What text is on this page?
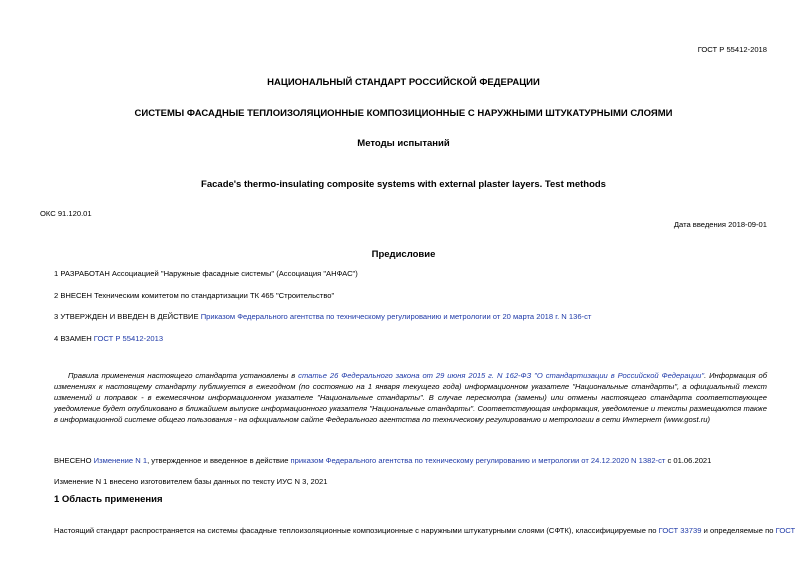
ГОСТ Р 55412-2018
НАЦИОНАЛЬНЫЙ СТАНДАРТ РОССИЙСКОЙ ФЕДЕРАЦИИ
СИСТЕМЫ ФАСАДНЫЕ ТЕПЛОИЗОЛЯЦИОННЫЕ КОМПОЗИЦИОННЫЕ С НАРУЖНЫМИ ШТУКАТУРНЫМИ СЛОЯМИ
Методы испытаний
Facade's thermo-insulating composite systems with external plaster layers. Test methods
ОКС 91.120.01
Дата введения 2018-09-01
Предисловие
1 РАЗРАБОТАН Ассоциацией "Наружные фасадные системы" (Ассоциация "АНФАС")
2 ВНЕСЕН Техническим комитетом по стандартизации ТК 465 "Строительство"
3 УТВЕРЖДЕН И ВВЕДЕН В ДЕЙСТВИЕ Приказом Федерального агентства по техническому регулированию и метрологии от 20 марта 2018 г. N 136-ст
4 ВЗАМЕН ГОСТ Р 55412-2013
Правила применения настоящего стандарта установлены в статье 26 Федерального закона от 29 июня 2015 г. N 162-ФЗ "О стандартизации в Российской Федерации". Информация об изменениях к настоящему стандарту публикуется в ежегодном (по состоянию на 1 января текущего года) информационном указателе "Национальные стандарты", а официальный текст изменений и поправок - в ежемесячном информационном указателе "Национальные стандарты". В случае пересмотра (замены) или отмены настоящего стандарта соответствующее уведомление будет опубликовано в ближайшем выпуске информационного указателя "Национальные стандарты". Соответствующая информация, уведомление и тексты размещаются также в информационной системе общего пользования - на официальном сайте Федерального агентства по техническому регулированию и метрологии в сети Интернет (www.gost.ru)
ВНЕСЕНО Изменение N 1, утвержденное и введенное в действие приказом Федерального агентства по техническому регулированию и метрологии от 24.12.2020 N 1382-ст с 01.06.2021
Изменение N 1 внесено изготовителем базы данных по тексту ИУС N 3, 2021
1 Область применения
Настоящий стандарт распространяется на системы фасадные теплоизоляционные композиционные с наружными штукатурными слоями (СФТК), классифицируемые по ГОСТ 33739 и определяемые по ГОСТ
